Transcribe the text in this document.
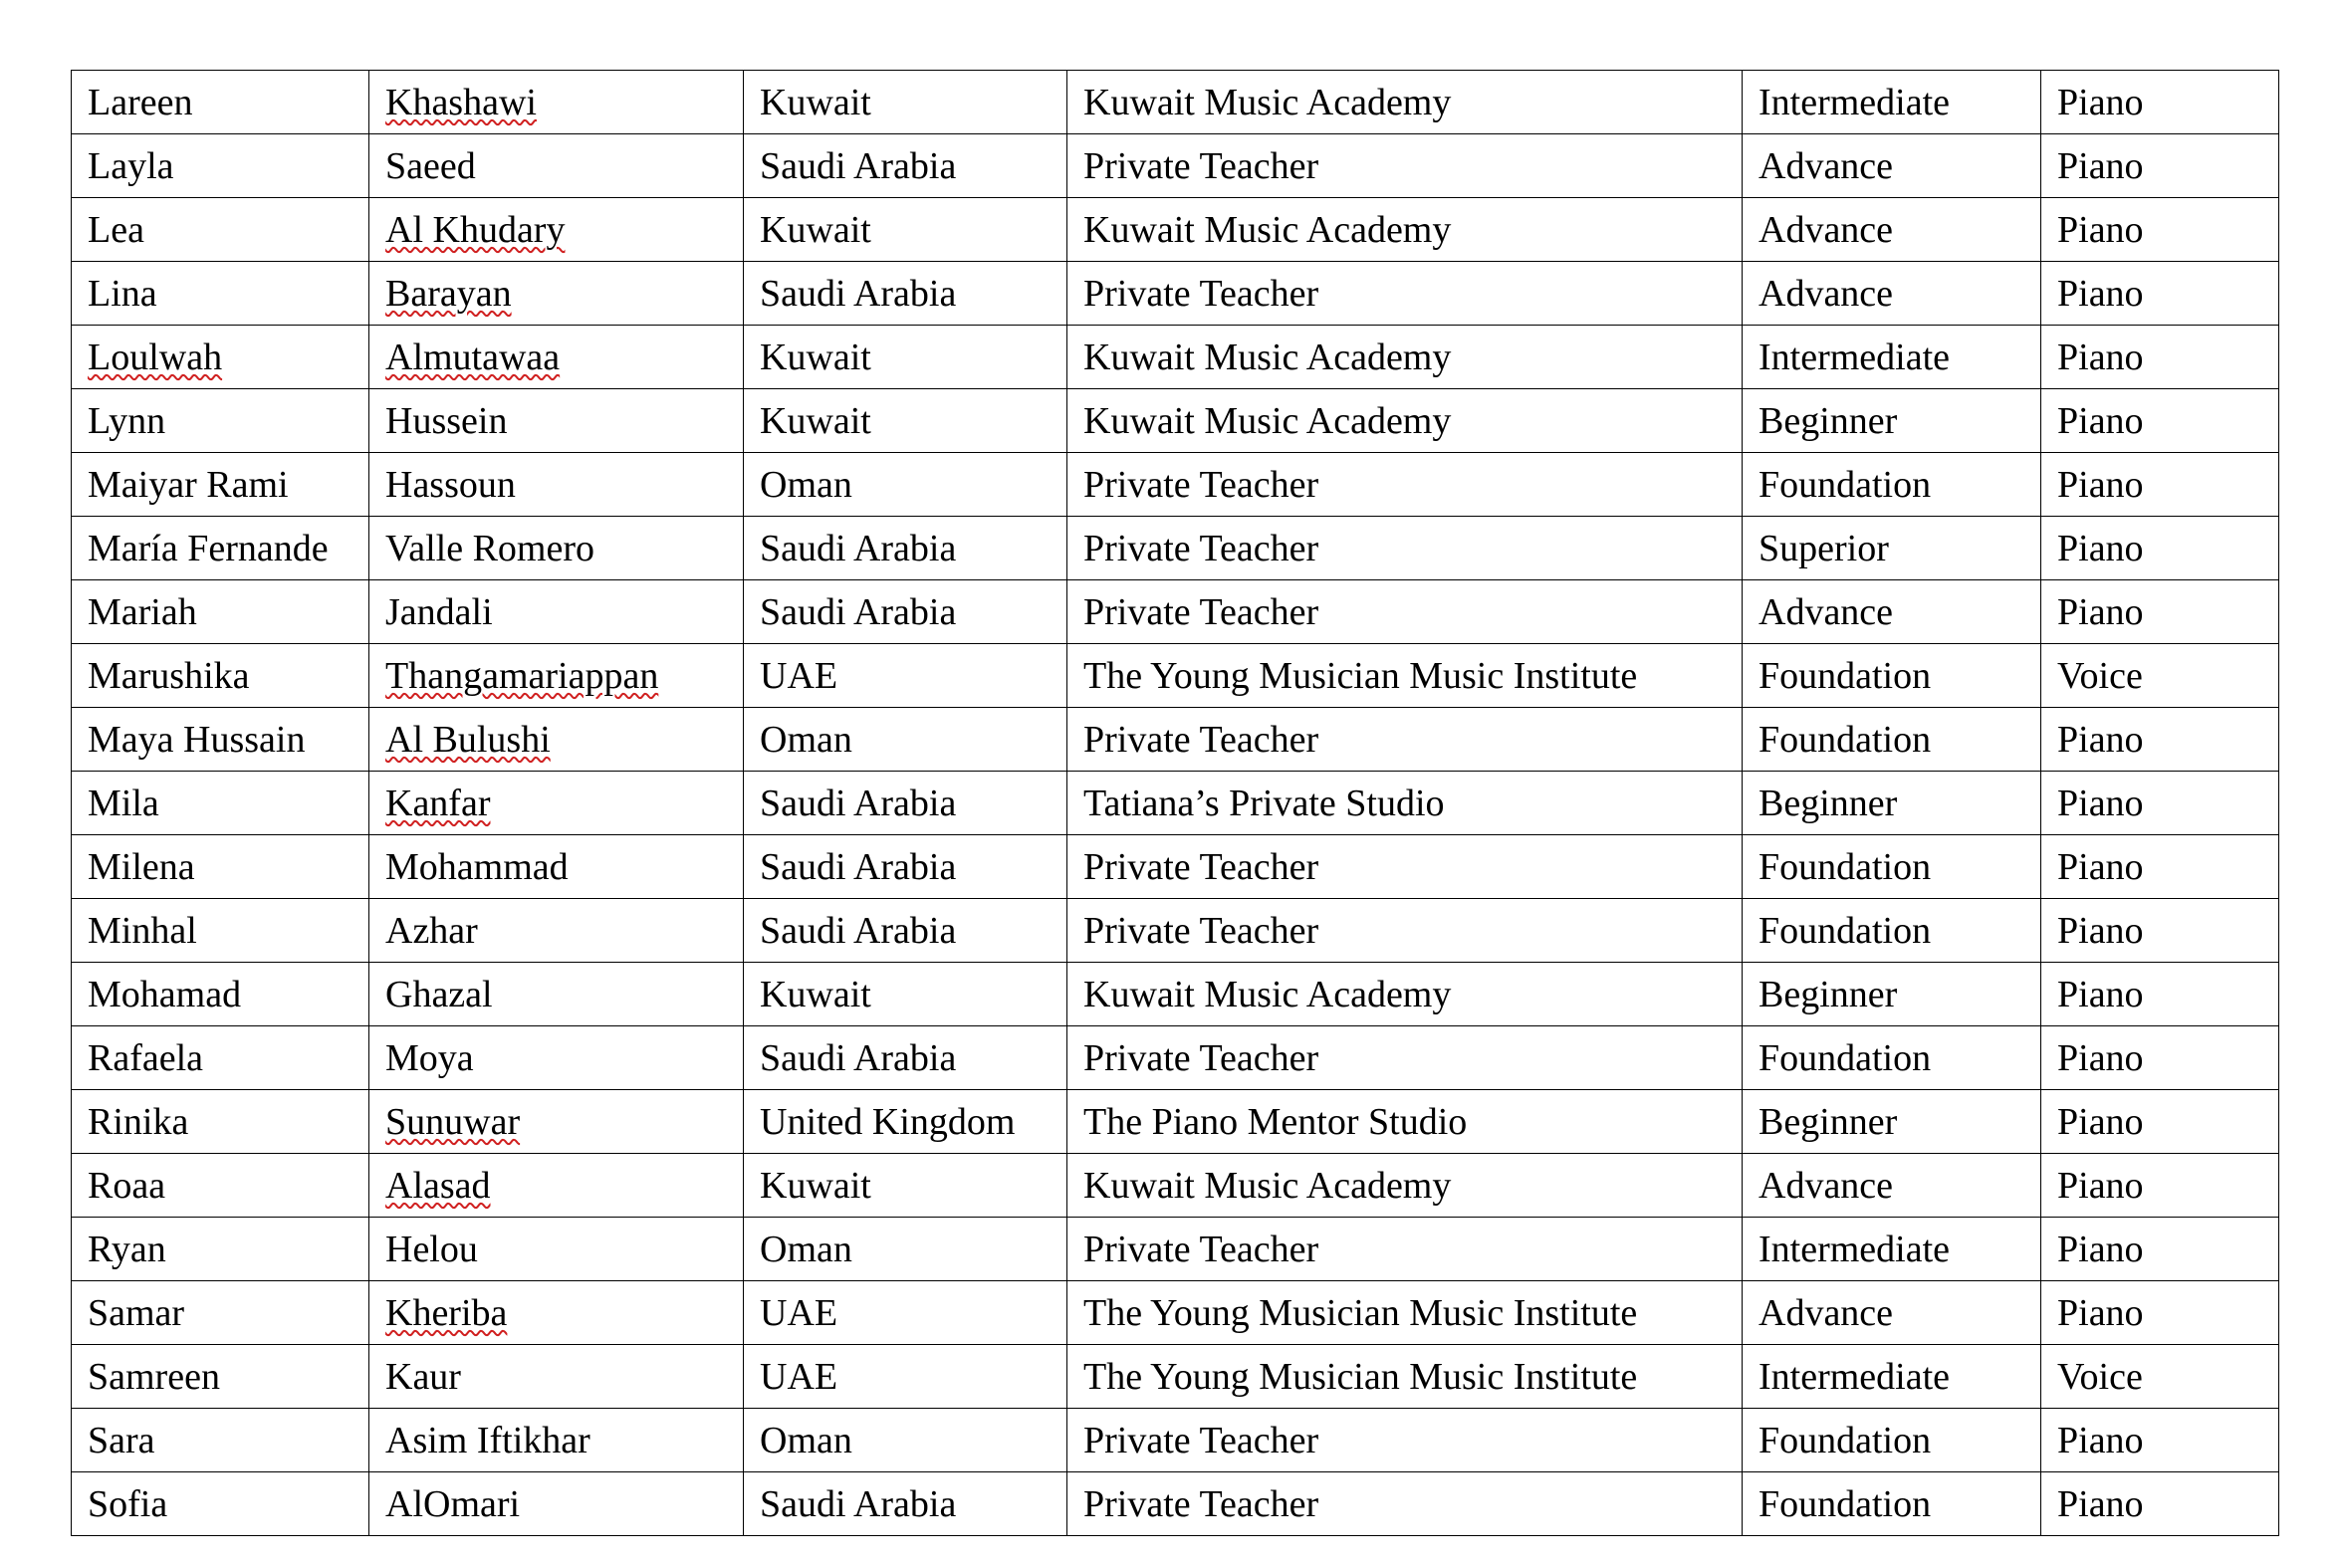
Lareen	Khashawi	Kuwait	Kuwait Music Academy	Intermediate	Piano
Layla	Saeed	Saudi Arabia	Private Teacher	Advance	Piano
Lea	Al Khudary	Kuwait	Kuwait Music Academy	Advance	Piano
Lina	Barayan	Saudi Arabia	Private Teacher	Advance	Piano
Loulwah	Almutawaa	Kuwait	Kuwait Music Academy	Intermediate	Piano
Lynn	Hussein	Kuwait	Kuwait Music Academy	Beginner	Piano
Maiyar Rami	Hassoun	Oman	Private Teacher	Foundation	Piano
María Fernande	Valle Romero	Saudi Arabia	Private Teacher	Superior	Piano
Mariah	Jandali	Saudi Arabia	Private Teacher	Advance	Piano
Marushika	Thangamariappan	UAE	The Young Musician Music Institute	Foundation	Voice
Maya Hussain	Al Bulushi	Oman	Private Teacher	Foundation	Piano
Mila	Kanfar	Saudi Arabia	Tatiana’s Private Studio	Beginner	Piano
Milena	Mohammad	Saudi Arabia	Private Teacher	Foundation	Piano
Minhal	Azhar	Saudi Arabia	Private Teacher	Foundation	Piano
Mohamad	Ghazal	Kuwait	Kuwait Music Academy	Beginner	Piano
Rafaela	Moya	Saudi Arabia	Private Teacher	Foundation	Piano
Rinika	Sunuwar	United Kingdom	The Piano Mentor Studio	Beginner	Piano
Roaa	Alasad	Kuwait	Kuwait Music Academy	Advance	Piano
Ryan	Helou	Oman	Private Teacher	Intermediate	Piano
Samar	Kheriba	UAE	The Young Musician Music Institute	Advance	Piano
Samreen	Kaur	UAE	The Young Musician Music Institute	Intermediate	Voice
Sara	Asim Iftikhar	Oman	Private Teacher	Foundation	Piano
Sofia	AlOmari	Saudi Arabia	Private Teacher	Foundation	Piano
